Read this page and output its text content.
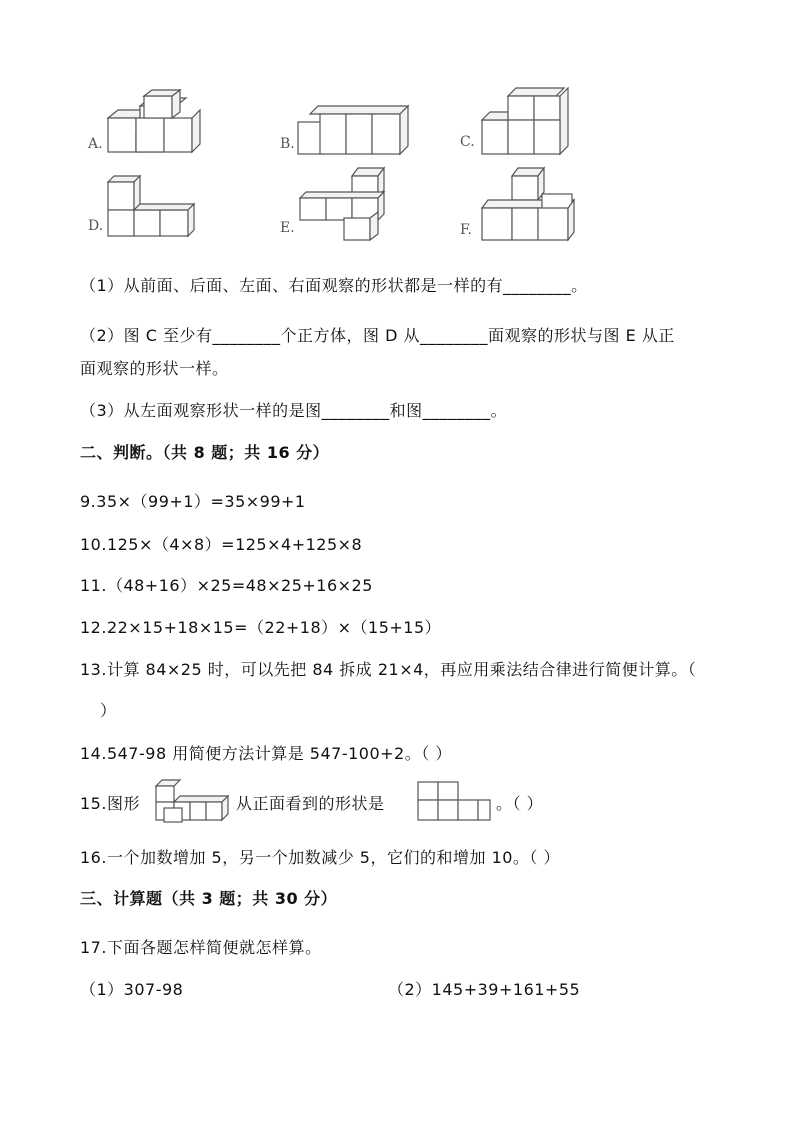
A.	B.	C.
D.	E.	F.
（1）从前面、后面、左面、右面观察的形状都是一样的有________。
（2）图 C 至少有________个正方体，图 D 从________面观察的形状与图 E 从正
面观察的形状一样。
（3）从左面观察形状一样的是图________和图________。
二、判断。（共 8 题；共 16 分）
9.35×（99+1）=35×99+1
10.125×（4×8）=125×4+125×8
11.（48+16）×25=48×25+16×25
12.22×15+18×15=（22+18）×（15+15）
13.计算 84×25 时，可以先把 84 拆成 21×4，再应用乘法结合律进行简便计算。（
）
14.547-98 用简便方法计算是 547-100+2。（ ）
15.图形	从正面看到的形状是	。（ ）
16.一个加数增加 5，另一个加数减少 5，它们的和增加 10。（ ）
三、计算题（共 3 题；共 30 分）
17.下面各题怎样简便就怎样算。
（1）307-98	（2）145+39+161+55
